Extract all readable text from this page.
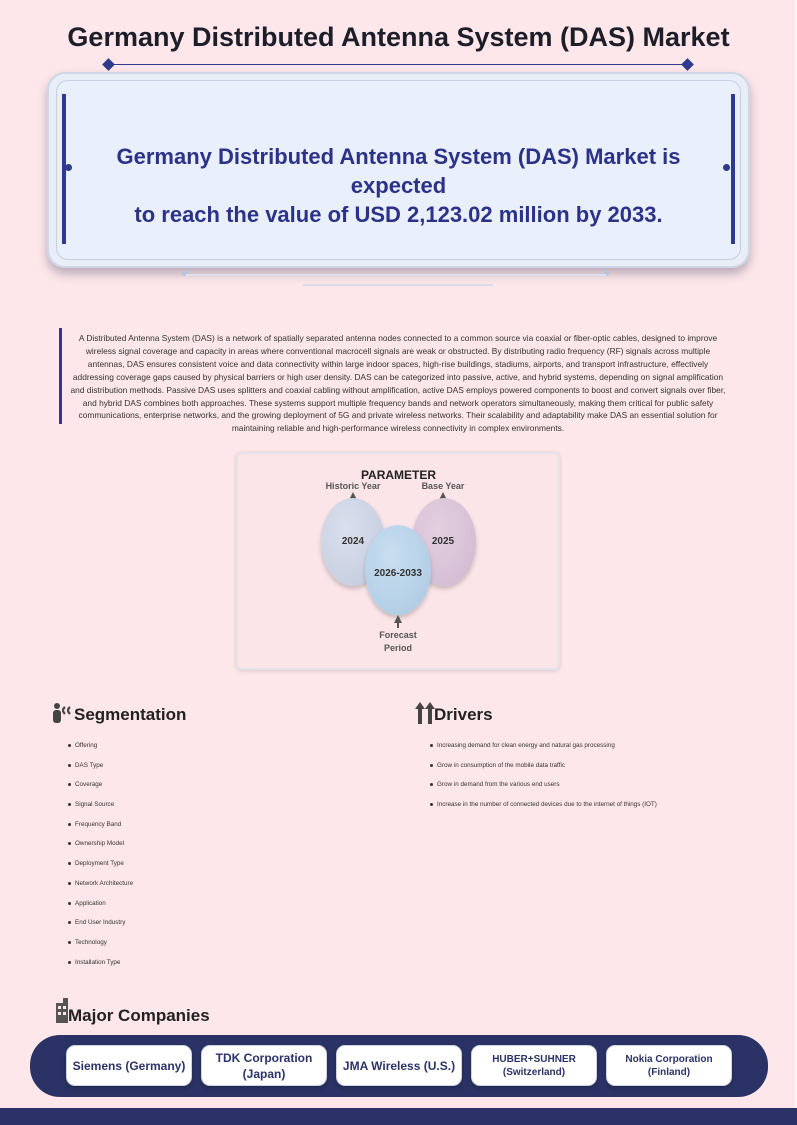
Germany Distributed Antenna System (DAS) Market
Germany Distributed Antenna System (DAS) Market is expected
to reach the value of USD 2,123.02 million by 2033.

A Distributed Antenna System (DAS) is a network of spatially separated antenna nodes connected to a common source via coaxial or fiber-optic cables, designed to improve wireless signal coverage and capacity in areas where conventional macrocell signals are weak or obstructed. By distributing radio frequency (RF) signals across multiple antennas, DAS ensures consistent voice and data connectivity within large indoor spaces, high-rise buildings, stadiums, airports, and transport infrastructure, effectively addressing coverage gaps caused by physical barriers or high user density. DAS can be categorized into passive, active, and hybrid systems, depending on signal amplification and distribution methods. Passive DAS uses splitters and coaxial cabling without amplification, active DAS employs powered components to boost and convert signals over fiber, and hybrid DAS combines both approaches. These systems support multiple frequency bands and network operators simultaneously, making them critical for public safety communications, enterprise networks, and the growing deployment of 5G and private wireless networks. Their scalability and adaptability make DAS an essential solution for maintaining reliable and high-performance wireless connectivity in complex environments.

PARAMETER
Historic Year	Base Year
2024	2025
2026-2033
Forecast
Period
Segmentation
Offering
DAS Type
Coverage
Signal Source
Frequency Band
Ownership Model
Deployment Type
Network Architecture
Application
End User Industry
Technology
Installation Type
Drivers
Increasing demand for clean energy and natural gas processing
Grow in consumption of the mobile data traffic
Grow in demand from the various end users
Increase in the number of connected devices due to the internet of things (IOT)
Major Companies
Siemens (Germany)
TDK Corporation
(Japan)
JMA Wireless (U.S.)	HUBER+SUHNER
(Switzerland)
Nokia Corporation
(Finland)
